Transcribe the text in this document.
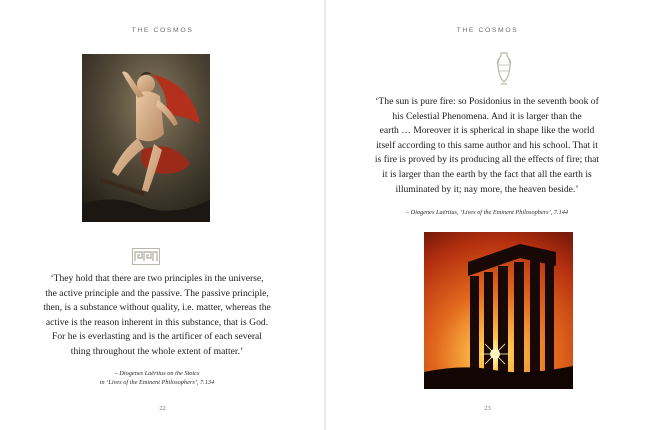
THE COSMOS
‘They hold that there are two principles in the universe,
the active principle and the passive. The passive principle,
then, is a substance without quality, i.e. matter, whereas the
active is the reason inherent in this substance, that is God.
For he is everlasting and is the artificer of each several
thing throughout the whole extent of matter.’
– Diogenes Laërtius on the Stoics
in ‘Lives of the Eminent Philosophers’, 7.134
22
THE COSMOS
‘The sun is pure fire: so Posidonius in the seventh book of
his Celestial Phenomena. And it is larger than the
earth … Moreover it is spherical in shape like the world
itself according to this same author and his school. That it
is fire is proved by its producing all the effects of fire; that
it is larger than the earth by the fact that all the earth is
illuminated by it; nay more, the heaven beside.’
– Diogenes Laërtius, ‘Lives of the Eminent Philosophers’, 7.144
23
